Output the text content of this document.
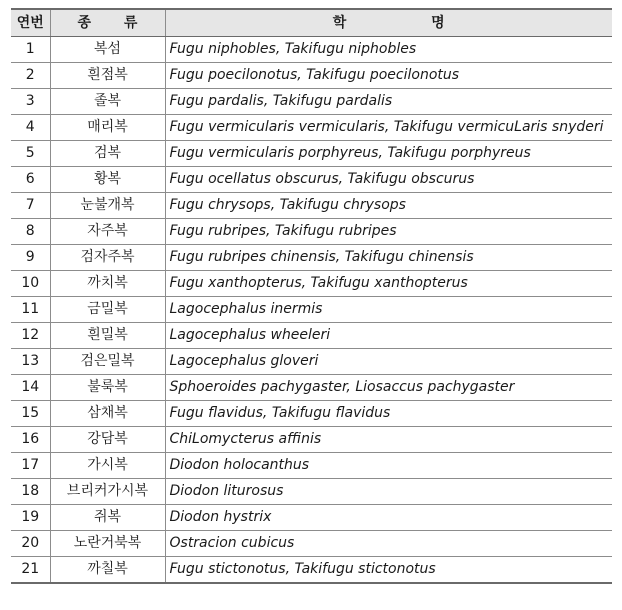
연번	종 류	학 명
1	복섬	Fugu niphobles, Takifugu niphobles
2	흰점복	Fugu poecilonotus, Takifugu poecilonotus
3	졸복	Fugu pardalis, Takifugu pardalis
4	매리복	Fugu vermicularis vermicularis, Takifugu vermicuLaris snyderi
5	검복	Fugu vermicularis porphyreus, Takifugu porphyreus
6	황복	Fugu ocellatus obscurus, Takifugu obscurus
7	눈불개복	Fugu chrysops, Takifugu chrysops
8	자주복	Fugu rubripes, Takifugu rubripes
9	검자주복	Fugu rubripes chinensis, Takifugu chinensis
10	까치복	Fugu xanthopterus, Takifugu xanthopterus
11	금밀복	Lagocephalus inermis
12	흰밀복	Lagocephalus wheeleri
13	검은밀복	Lagocephalus gloveri
14	불룩복	Sphoeroides pachygaster, Liosaccus pachygaster
15	삼채복	Fugu flavidus, Takifugu flavidus
16	강담복	ChiLomycterus affinis
17	가시복	Diodon holocanthus
18	브리커가시복	Diodon liturosus
19	쥐복	Diodon hystrix
20	노란거북복	Ostracion cubicus
21	까칠복	Fugu stictonotus, Takifugu stictonotus
